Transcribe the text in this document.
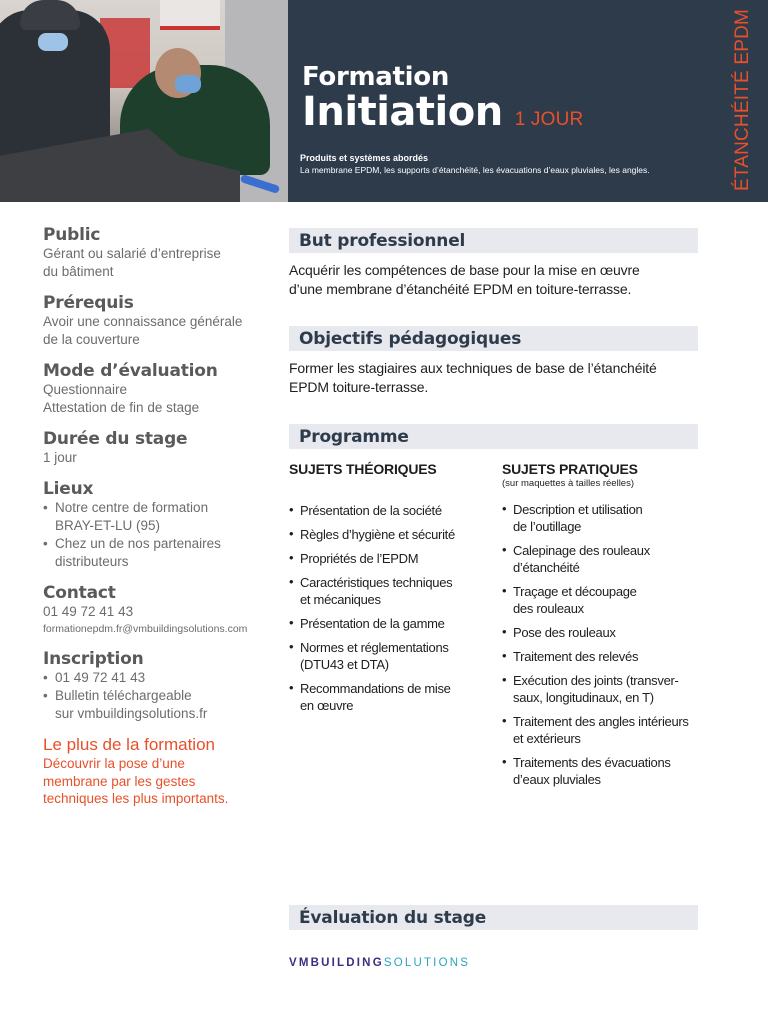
Formation
Initiation 1 JOUR
Produits et systèmes abordés
La membrane EPDM, les supports d’étanchéité, les évacuations d’eaux pluviales, les angles.	ÉTANCHÉITÉ EPDM
Public
Gérant ou salarié d’entreprise
du bâtiment
Prérequis
Avoir une connaissance générale
de la couverture
Mode d’évaluation
Questionnaire
Attestation de fin de stage
Durée du stage
1 jour
Lieux
• Notre centre de formation
BRAY-ET-LU (95)
• Chez un de nos partenaires
distributeurs
Contact
01 49 72 41 43
formationepdm.fr@vmbuildingsolutions.com
Inscription
• 01 49 72 41 43
• Bulletin téléchargeable
sur vmbuildingsolutions.fr
Le plus de la formation
Découvrir la pose d’une
membrane par les gestes
techniques les plus importants.
But professionnel
Acquérir les compétences de base pour la mise en œuvre
d’une membrane d’étanchéité EPDM en toiture-terrasse.
Objectifs pédagogiques
Former les stagiaires aux techniques de base de l’étanchéité
EPDM toiture-terrasse.
Programme
SUJETS THÉORIQUES
• Présentation de la société
• Règles d’hygiène et sécurité
• Propriétés de l’EPDM
• Caractéristiques techniques
et mécaniques
• Présentation de la gamme
• Normes et réglementations
(DTU43 et DTA)
• Recommandations de mise
en œuvre
SUJETS PRATIQUES
(sur maquettes à tailles réelles)
• Description et utilisation
de l’outillage
• Calepinage des rouleaux
d’étanchéité
• Traçage et découpage
des rouleaux
• Pose des rouleaux
• Traitement des relevés
• Exécution des joints (transver-
saux, longitudinaux, en T)
• Traitement des angles intérieurs
et extérieurs
• Traitements des évacuations
d’eaux pluviales
Évaluation du stage
VM BUILDING SOLUTIONS
